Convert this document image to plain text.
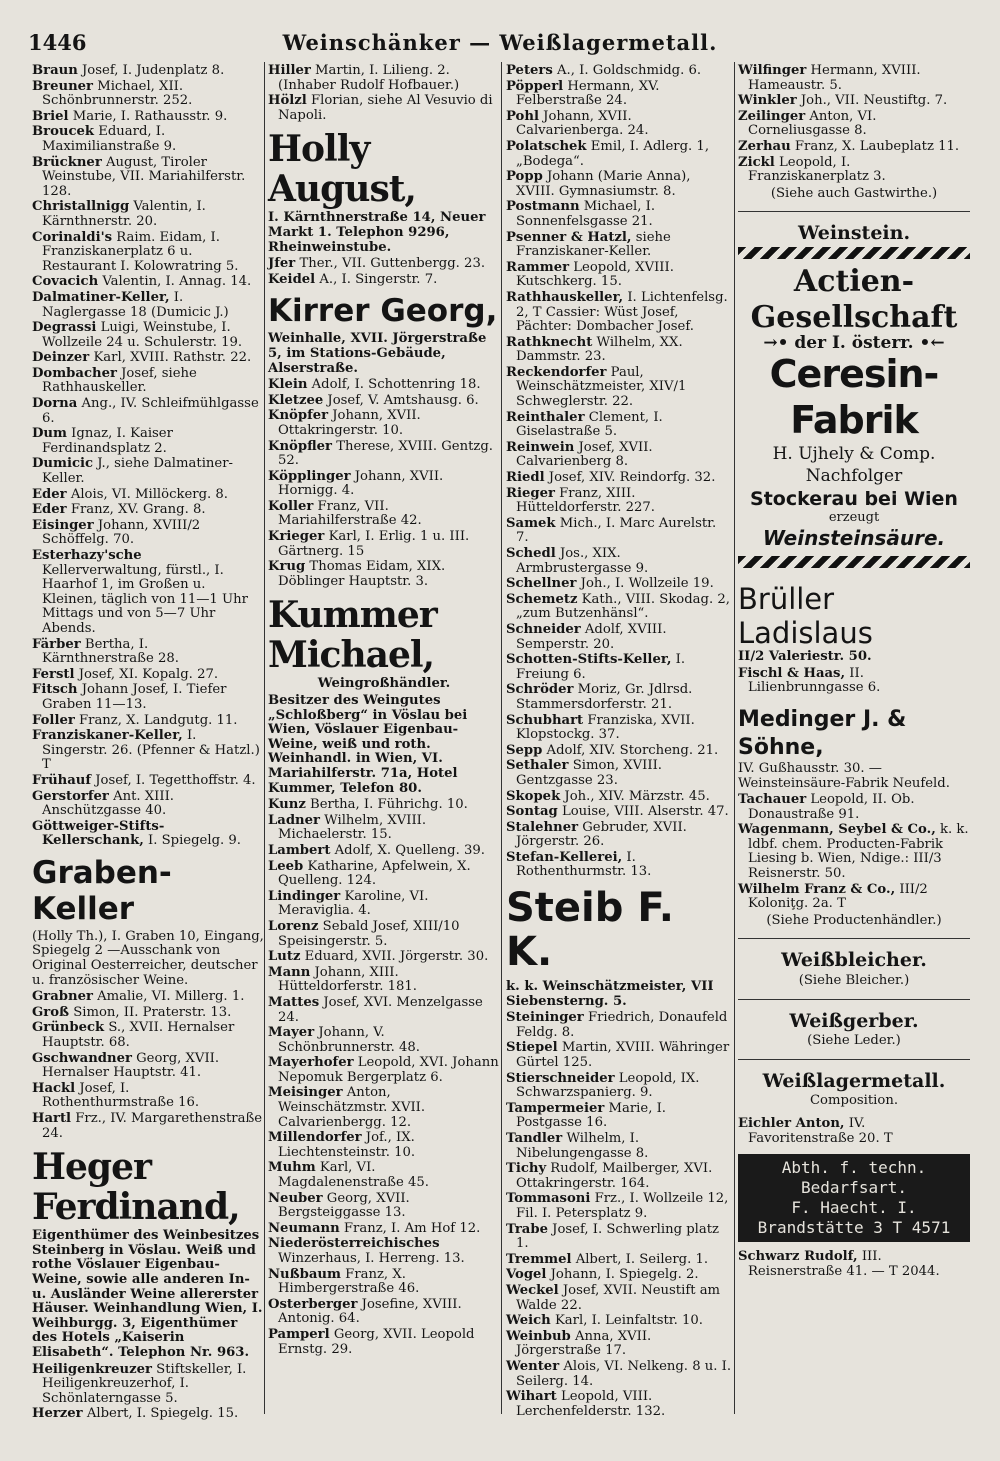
1446	Weinschänker — Weißlagermetall.
Braun Josef, I. Judenplatz 8.
Breuner Michael, XII. Schönbrunnerstr. 252.
Briel Marie, I. Rathausstr. 9.
Broucek Eduard, I. Maximilianstraße 9.
Brückner August, Tiroler Weinstube, VII. Mariahilferstr. 128.
Christallnigg Valentin, I. Kärnthnerstr. 20.
Corinaldi's Raim. Eidam, I. Franziskanerplatz 6 u. Restaurant I. Kolowratring 5.
Covacich Valentin, I. Annag. 14.
Dalmatiner-Keller, I. Naglergasse 18 (Dumicic J.)
Degrassi Luigi, Weinstube, I. Wollzeile 24 u. Schulerstr. 19.
Deinzer Karl, XVIII. Rathstr. 22.
Dombacher Josef, siehe Rathhauskeller.
Dorna Ang., IV. Schleifmühlgasse 6.
Dum Ignaz, I. Kaiser Ferdinandsplatz 2.
Dumicic J., siehe Dalmatiner-Keller.
Eder Alois, VI. Millöckerg. 8.
Eder Franz, XV. Grang. 8.
Eisinger Johann, XVIII/2 Schöffelg. 70.
Esterhazy'sche Kellerverwaltung, fürstl., I. Haarhof 1, im Großen u. Kleinen, täglich von 11—1 Uhr Mittags und von 5—7 Uhr Abends.
Färber Bertha, I. Kärnthnerstraße 28.
Ferstl Josef, XI. Kopalg. 27.
Fitsch Johann Josef, I. Tiefer Graben 11—13.
Foller Franz, X. Landgutg. 11.
Franziskaner-Keller, I. Singerstr. 26. (Pfenner & Hatzl.) T
Frühauf Josef, I. Tegetthoffstr. 4.
Gerstorfer Ant. XIII. Anschützgasse 40.
Göttweiger-Stifts-Kellerschank, I. Spiegelg. 9.
Graben-Keller
(Holly Th.), I. Graben 10, Eingang, Spiegelg 2 —Ausschank von Original Oesterreicher, deutscher u. französischer Weine.
Grabner Amalie, VI. Millerg. 1.
Groß Simon, II. Praterstr. 13.
Grünbeck S., XVII. Hernalser Hauptstr. 68.
Gschwandner Georg, XVII. Hernalser Hauptstr. 41.
Hackl Josef, I. Rothenthurmstraße 16.
Hartl Frz., IV. Margarethenstraße 24.
Heger Ferdinand,
Eigenthümer des Weinbesitzes Steinberg in Vöslau. Weiß und rothe Vöslauer Eigenbau-Weine, sowie alle anderen In- u. Ausländer Weine allererster Häuser. Weinhandlung Wien, I. Weihburgg. 3, Eigenthümer des Hotels „Kaiserin Elisabeth“. Telephon Nr. 963.
Heiligenkreuzer Stiftskeller, I. Heiligenkreuzerhof, I. Schönlaterngasse 5.
Herzer Albert, I. Spiegelg. 15.
Hiller Martin, I. Lilieng. 2. (Inhaber Rudolf Hofbauer.)
Hölzl Florian, siehe Al Vesuvio di Napoli.
Holly August,
I. Kärnthnerstraße 14, Neuer Markt 1. Telephon 9296, Rheinweinstube.
Jfer Ther., VII. Guttenbergg. 23.
Keidel A., I. Singerstr. 7.
Kirrer Georg,
Weinhalle, XVII. Jörgerstraße 5, im Stations-Gebäude, Alserstraße.
Klein Adolf, I. Schottenring 18.
Kletzee Josef, V. Amtshausg. 6.
Knöpfer Johann, XVII. Ottakringerstr. 10.
Knöpfler Therese, XVIII. Gentzg. 52.
Köpplinger Johann, XVII. Hornigg. 4.
Koller Franz, VII. Mariahilferstraße 42.
Krieger Karl, I. Erlig. 1 u. III. Gärtnerg. 15
Krug Thomas Eidam, XIX. Döblinger Hauptstr. 3.
Kummer Michael,
Weingroßhändler.
Besitzer des Weingutes „Schloßberg“ in Vöslau bei Wien, Vöslauer Eigenbau-Weine, weiß und roth. Weinhandl. in Wien, VI. Mariahilferstr. 71a, Hotel Kummer, Telefon 80.
Kunz Bertha, I. Führichg. 10.
Ladner Wilhelm, XVIII. Michaelerstr. 15.
Lambert Adolf, X. Quelleng. 39.
Leeb Katharine, Apfelwein, X. Quelleng. 124.
Lindinger Karoline, VI. Meraviglia. 4.
Lorenz Sebald Josef, XIII/10 Speisingerstr. 5.
Lutz Eduard, XVII. Jörgerstr. 30.
Mann Johann, XIII. Hütteldorferstr. 181.
Mattes Josef, XVI. Menzelgasse 24.
Mayer Johann, V. Schönbrunnerstr. 48.
Mayerhofer Leopold, XVI. Johann Nepomuk Bergerplatz 6.
Meisinger Anton, Weinschätzmstr. XVII. Calvarienbergg. 12.
Millendorfer Jof., IX. Liechtensteinstr. 10.
Muhm Karl, VI. Magdalenenstraße 45.
Neuber Georg, XVII. Bergsteiggasse 13.
Neumann Franz, I. Am Hof 12.
Niederösterreichisches Winzerhaus, I. Herreng. 13.
Nußbaum Franz, X. Himbergerstraße 46.
Osterberger Josefine, XVIII. Antonig. 64.
Pamperl Georg, XVII. Leopold Ernstg. 29.
Peters A., I. Goldschmidg. 6.
Pöpperl Hermann, XV. Felberstraße 24.
Pohl Johann, XVII. Calvarienberga. 24.
Polatschek Emil, I. Adlerg. 1, „Bodega“.
Popp Johann (Marie Anna), XVIII. Gymnasiumstr. 8.
Postmann Michael, I. Sonnenfelsgasse 21.
Psenner & Hatzl, siehe Franziskaner-Keller.
Rammer Leopold, XVIII. Kutschkerg. 15.
Rathhauskeller, I. Lichtenfelsg. 2, T Cassier: Wüst Josef, Pächter: Dombacher Josef.
Rathknecht Wilhelm, XX. Dammstr. 23.
Reckendorfer Paul, Weinschätzmeister, XIV/1 Schweglerstr. 22.
Reinthaler Clement, I. Giselastraße 5.
Reinwein Josef, XVII. Calvarienberg 8.
Riedl Josef, XIV. Reindorfg. 32.
Rieger Franz, XIII. Hütteldorferstr. 227.
Samek Mich., I. Marc Aurelstr. 7.
Schedl Jos., XIX. Armbrustergasse 9.
Schellner Joh., I. Wollzeile 19.
Schemetz Kath., VIII. Skodag. 2, „zum Butzenhänsl“.
Schneider Adolf, XVIII. Semperstr. 20.
Schotten-Stifts-Keller, I. Freiung 6.
Schröder Moriz, Gr. Jdlrsd. Stammersdorferstr. 21.
Schubhart Franziska, XVII. Klopstockg. 37.
Sepp Adolf, XIV. Storcheng. 21.
Sethaler Simon, XVIII. Gentzgasse 23.
Skopek Joh., XIV. Märzstr. 45.
Sontag Louise, VIII. Alserstr. 47.
Stalehner Gebruder, XVII. Jörgerstr. 26.
Stefan-Kellerei, I. Rothenthurmstr. 13.
Steib F. K.
k. k. Weinschätzmeister, VII Siebensterng. 5.
Steininger Friedrich, Donaufeld Feldg. 8.
Stiepel Martin, XVIII. Währinger Gürtel 125.
Stierschneider Leopold, IX. Schwarzspanierg. 9.
Tampermeier Marie, I. Postgasse 16.
Tandler Wilhelm, I. Nibelungengasse 8.
Tichy Rudolf, Mailberger, XVI. Ottakringerstr. 164.
Tommasoni Frz., I. Wollzeile 12, Fil. I. Petersplatz 9.
Trabe Josef, I. Schwerling platz 1.
Tremmel Albert, I. Seilerg. 1.
Vogel Johann, I. Spiegelg. 2.
Weckel Josef, XVII. Neustift am Walde 22.
Weich Karl, I. Leinfaltstr. 10.
Weinbub Anna, XVII. Jörgerstraße 17.
Wenter Alois, VI. Nelkeng. 8 u. I. Seilerg. 14.
Wihart Leopold, VIII. Lerchenfelderstr. 132.
Wilfinger Hermann, XVIII. Hameaustr. 5.
Winkler Joh., VII. Neustiftg. 7.
Zeilinger Anton, VI. Corneliusgasse 8.
Zerhau Franz, X. Laubeplatz 11.
Zickl Leopold, I. Franziskanerplatz 3.
(Siehe auch Gastwirthe.)
Weinstein.
Actien-Gesellschaft
→• der I. österr. •←
Ceresin-Fabrik
H. Ujhely & Comp. Nachfolger
Stockerau bei Wien
erzeugt
Weinsteinsäure.
Brüller Ladislaus
II/2 Valeriestr. 50.
Fischl & Haas, II. Lilienbrunngasse 6.
Medinger J. & Söhne,
IV. Gußhausstr. 30. —Weinsteinsäure-Fabrik Neufeld.
Tachauer Leopold, II. Ob. Donaustraße 91.
Wagenmann, Seybel & Co., k. k. ldbf. chem. Producten-Fabrik Liesing b. Wien, Ndige.: III/3 Reisnerstr. 50.
Wilhelm Franz & Co., III/2 Koloniţg. 2a. T
(Siehe Productenhändler.)
Weißbleicher.
(Siehe Bleicher.)
Weißgerber.
(Siehe Leder.)
Weißlagermetall.
Composition.
Eichler Anton, IV. Favoritenstraße 20. T
Abth. f. techn. Bedarfsart.
F. Haecht. I. Brandstätte 3 T 4571
Schwarz Rudolf, III. Reisnerstraße 41. — T 2044.
